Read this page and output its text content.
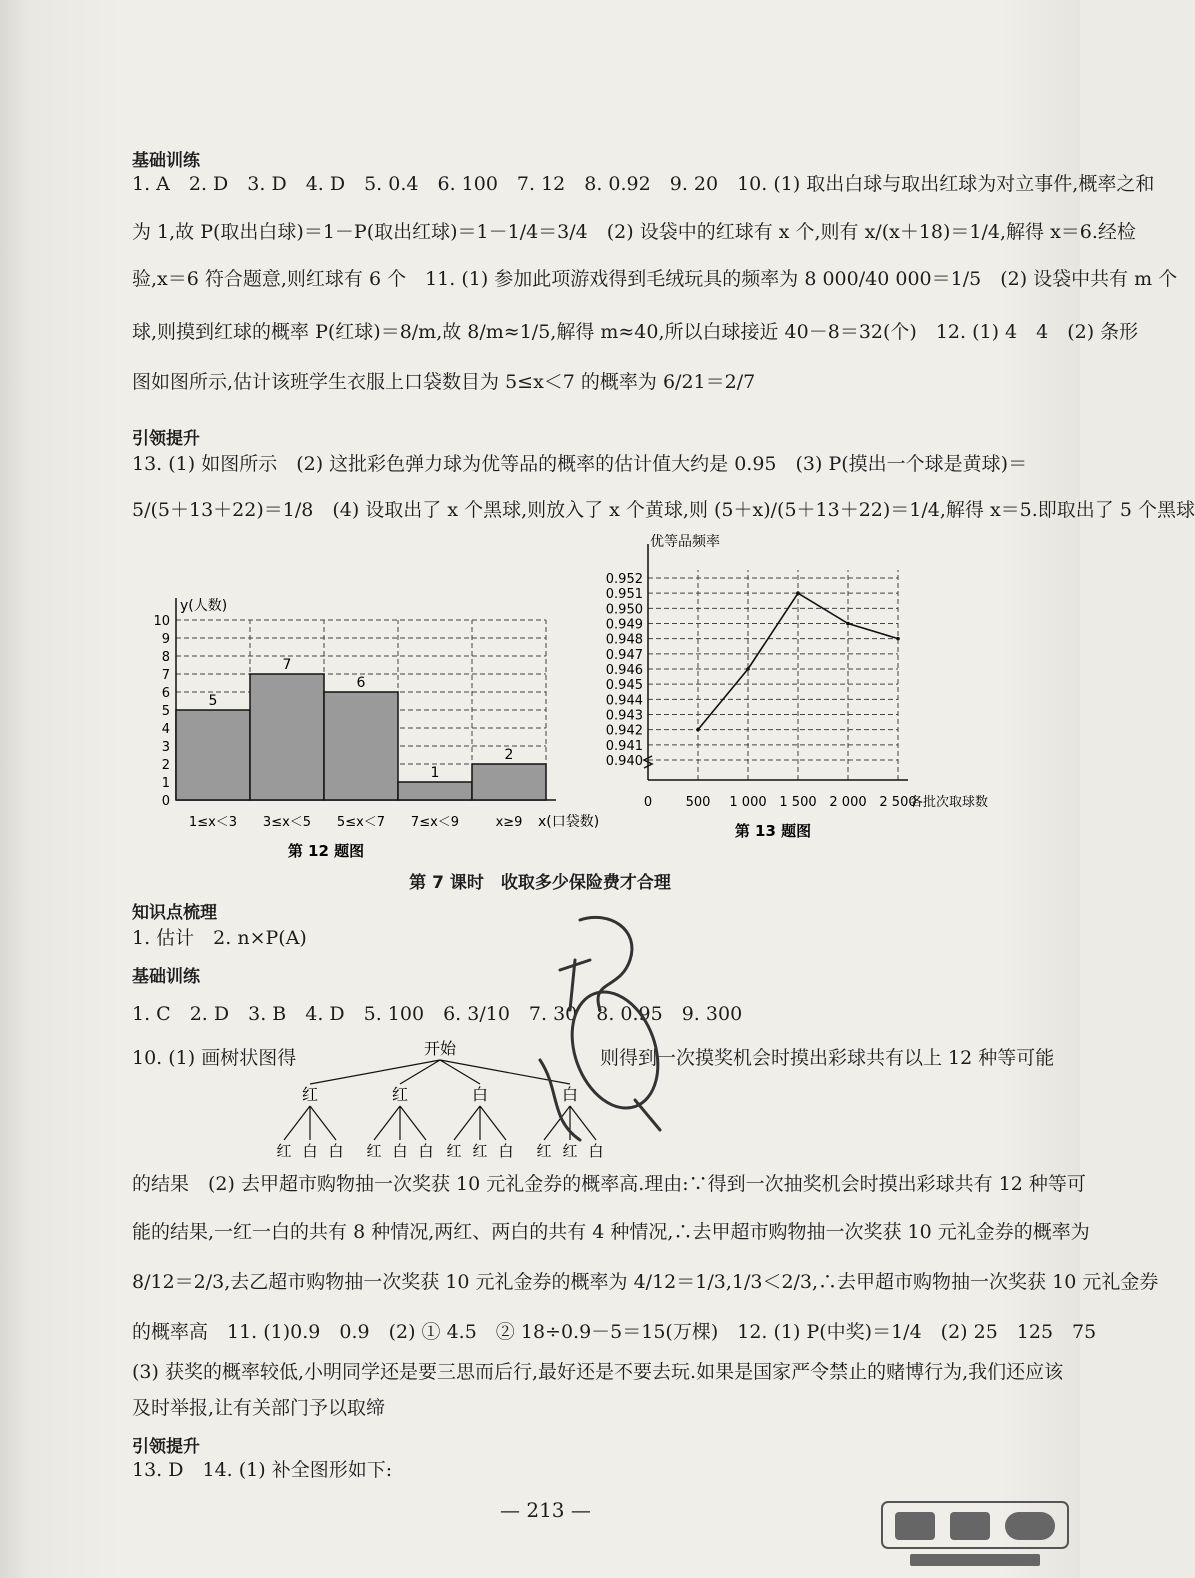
基础训练
1. A　2. D　3. D　4. D　5. 0.4　6. 100　7. 12　8. 0.92　9. 20　10. (1) 取出白球与取出红球为对立事件,概率之和
为 1,故 P(取出白球)＝1－P(取出红球)＝1－1/4＝3/4　(2) 设袋中的红球有 x 个,则有 x/(x＋18)＝1/4,解得 x＝6.经检
验,x＝6 符合题意,则红球有 6 个　11. (1) 参加此项游戏得到毛绒玩具的频率为 8 000/40 000＝1/5　(2) 设袋中共有 m 个
球,则摸到红球的概率 P(红球)＝8/m,故 8/m≈1/5,解得 m≈40,所以白球接近 40－8＝32(个)　12. (1) 4　4　(2) 条形
图如图所示,估计该班学生衣服上口袋数目为 5≤x＜7 的概率为 6/21＝2/7
引领提升
13. (1) 如图所示　(2) 这批彩色弹力球为优等品的概率的估计值大约是 0.95　(3) P(摸出一个球是黄球)＝
5/(5＋13＋22)＝1/8　(4) 设取出了 x 个黑球,则放入了 x 个黄球,则 (5＋x)/(5＋13＋22)＝1/4,解得 x＝5.即取出了 5 个黑球
y(人数)
x(口袋数)
0
1
2
3
4
5
6
7
8
9
10
5
1≤x＜3
7
3≤x＜5
6
5≤x＜7
1
7≤x＜9
2
x≥9
第 12 题图
0.940
0.941
0.942
0.943
0.944
0.945
0.946
0.947
0.948
0.949
0.950
0.951
0.952
优等品频率
0	500 1 000 1 500 2 000 2 500
各批次取球数
第 13 题图
第 7 课时　收取多少保险费才合理
知识点梳理
1. 估计　2. n×P(A)
基础训练
1. C　2. D　3. B　4. D　5. 100　6. 3/10　7. 30　8. 0.95　9. 300
10. (1) 画树状图得	则得到一次摸奖机会时摸出彩球共有以上 12 种等可能
开始
红
红 白 白
红
红 白 白
白
红 红 白
白
红 红 白
的结果　(2) 去甲超市购物抽一次奖获 10 元礼金券的概率高.理由:∵得到一次抽奖机会时摸出彩球共有 12 种等可
能的结果,一红一白的共有 8 种情况,两红、两白的共有 4 种情况,∴去甲超市购物抽一次奖获 10 元礼金券的概率为
8/12＝2/3,去乙超市购物抽一次奖获 10 元礼金券的概率为 4/12＝1/3,1/3＜2/3,∴去甲超市购物抽一次奖获 10 元礼金券
的概率高　11. (1)0.9　0.9　(2) ① 4.5　② 18÷0.9－5＝15(万棵)　12. (1) P(中奖)＝1/4　(2) 25　125　75
(3) 获奖的概率较低,小明同学还是要三思而后行,最好还是不要去玩.如果是国家严令禁止的赌博行为,我们还应该
及时举报,让有关部门予以取缔
引领提升
13. D　14. (1) 补全图形如下:
— 213 —
